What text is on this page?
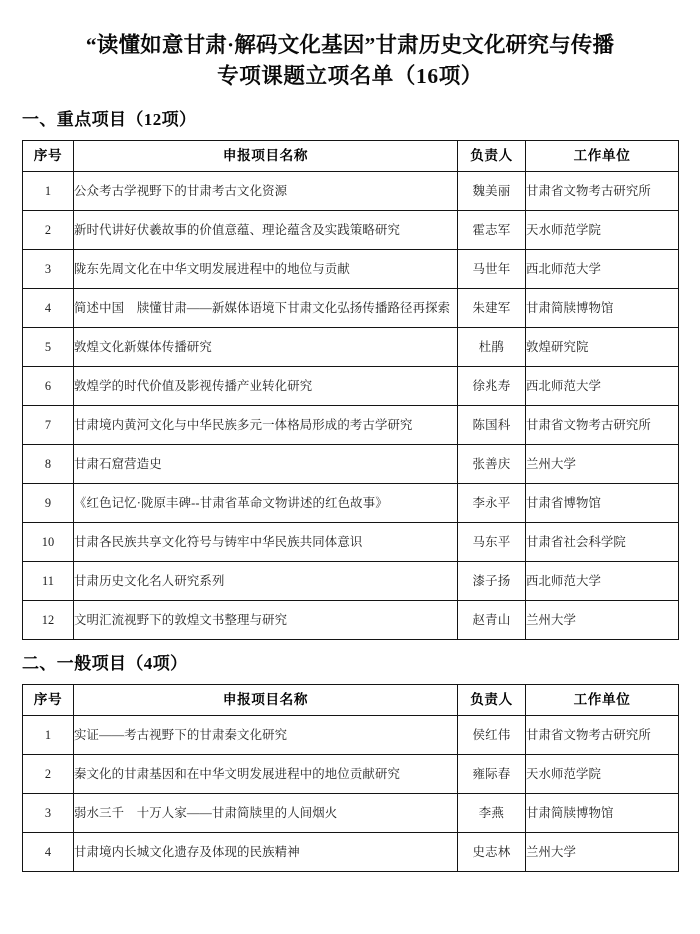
“读懂如意甘肃·解码文化基因”甘肃历史文化研究与传播
专项课题立项名单（16项）
一、重点项目（12项）
序号	申报项目名称	负责人	工作单位
1	公众考古学视野下的甘肃考古文化资源	魏美丽	甘肃省文物考古研究所
2	新时代讲好伏羲故事的价值意蕴、理论蕴含及实践策略研究	霍志军	天水师范学院
3	陇东先周文化在中华文明发展进程中的地位与贡献	马世年	西北师范大学
4	简述中国　牍懂甘肃——新媒体语境下甘肃文化弘扬传播路径再探索	朱建军	甘肃简牍博物馆
5	敦煌文化新媒体传播研究	杜鹃	敦煌研究院
6	敦煌学的时代价值及影视传播产业转化研究	徐兆寿	西北师范大学
7	甘肃境内黄河文化与中华民族多元一体格局形成的考古学研究	陈国科	甘肃省文物考古研究所
8	甘肃石窟营造史	张善庆	兰州大学
9	《红色记忆·陇原丰碑--甘肃省革命文物讲述的红色故事》	李永平	甘肃省博物馆
10	甘肃各民族共享文化符号与铸牢中华民族共同体意识	马东平	甘肃省社会科学院
11	甘肃历史文化名人研究系列	漆子扬	西北师范大学
12	文明汇流视野下的敦煌文书整理与研究	赵青山	兰州大学
二、一般项目（4项）
序号	申报项目名称	负责人	工作单位
1	实证——考古视野下的甘肃秦文化研究	侯红伟	甘肃省文物考古研究所
2	秦文化的甘肃基因和在中华文明发展进程中的地位贡献研究	雍际春	天水师范学院
3	弱水三千　十万人家——甘肃简牍里的人间烟火	李燕	甘肃简牍博物馆
4	甘肃境内长城文化遗存及体现的民族精神	史志林	兰州大学
